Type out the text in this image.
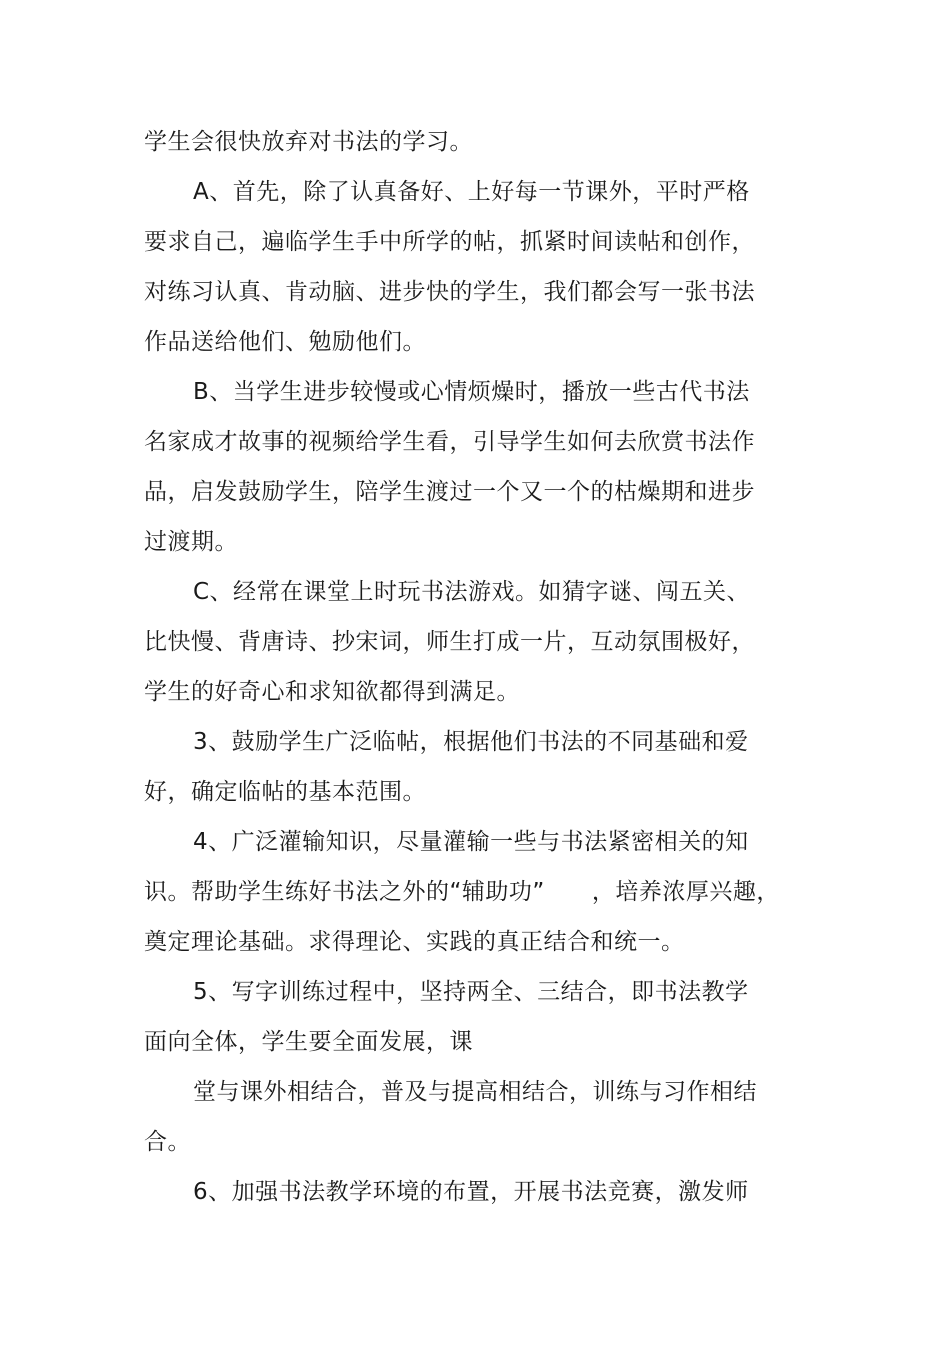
学生会很快放弃对书法的学习。
A、首先，除了认真备好、上好每一节课外，平时严格
要求自己，遍临学生手中所学的帖，抓紧时间读帖和创作，
对练习认真、肯动脑、进步快的学生，我们都会写一张书法
作品送给他们、勉励他们。
B、当学生进步较慢或心情烦燥时，播放一些古代书法
名家成才故事的视频给学生看，引导学生如何去欣赏书法作
品，启发鼓励学生，陪学生渡过一个又一个的枯燥期和进步
过渡期。
C、经常在课堂上时玩书法游戏。如猜字谜、闯五关、
比快慢、背唐诗、抄宋词，师生打成一片，互动氛围极好，
学生的好奇心和求知欲都得到满足。
3、鼓励学生广泛临帖，根据他们书法的不同基础和爱
好，确定临帖的基本范围。
4、广泛灌输知识，尽量灌输一些与书法紧密相关的知
识。帮助学生练好书法之外的“辅助功”　　，培养浓厚兴趣，
奠定理论基础。求得理论、实践的真正结合和统一。
5、写字训练过程中，坚持两全、三结合，即书法教学
面向全体，学生要全面发展，课
堂与课外相结合，普及与提高相结合，训练与习作相结
合。
6、加强书法教学环境的布置，开展书法竞赛，激发师
